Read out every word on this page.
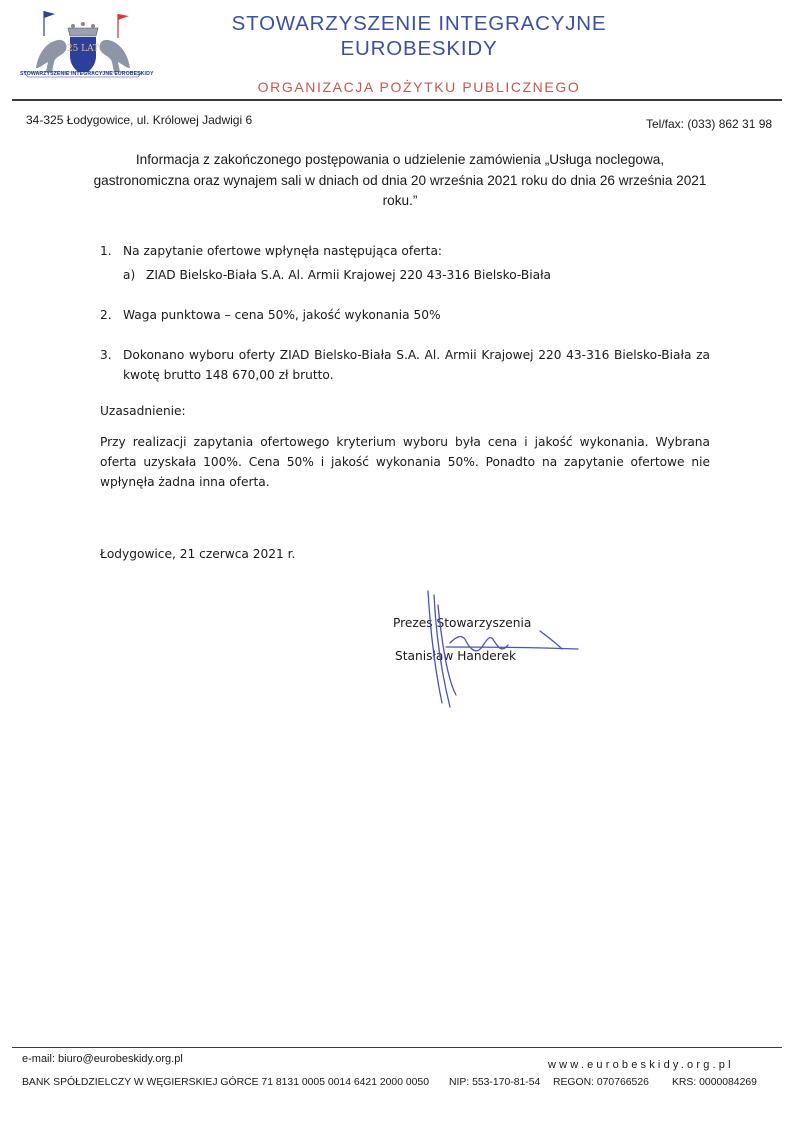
25 LAT
STOWARZYSZENIE INTEGRACYJNE EUROBESKIDY
STOWARZYSZENIE INTEGRACYJNE EUROBESKIDY
ORGANIZACJA POŻYTKU PUBLICZNEGO
34-325 Łodygowice, ul. Królowej Jadwigi 6	Tel/fax: (033) 862 31 98
Informacja z zakończonego postępowania o udzielenie zamówienia „Usługa noclegowa, gastronomiczna oraz wynajem sali w dniach od dnia 20 września 2021 roku do dnia 26 września 2021 roku.”
1. Na zapytanie ofertowe wpłynęła następująca oferta:
a) ZIAD Bielsko-Biała S.A. Al. Armii Krajowej 220 43-316 Bielsko-Biała
2. Waga punktowa – cena 50%, jakość wykonania 50%
3. Dokonano wyboru oferty ZIAD Bielsko-Biała S.A. Al. Armii Krajowej 220 43-316 Bielsko-Biała za kwotę brutto 148 670,00 zł brutto.
Uzasadnienie:
Przy realizacji zapytania ofertowego kryterium wyboru była cena i jakość wykonania. Wybrana oferta uzyskała 100%. Cena 50% i jakość wykonania 50%. Ponadto na zapytanie ofertowe nie wpłynęła żadna inna oferta.
Łodygowice, 21 czerwca 2021 r.
Prezes Stowarzyszenia
Stanisław Handerek
e-mail: biuro@eurobeskidy.org.pl	www.eurobeskidy.org.pl
BANK SPÓŁDZIELCZY W WĘGIERSKIEJ GÓRCE 71 8131 0005 0014 6421 2000 0050 NIP: 553-170-81-54 REGON: 070766526 KRS: 0000084269
